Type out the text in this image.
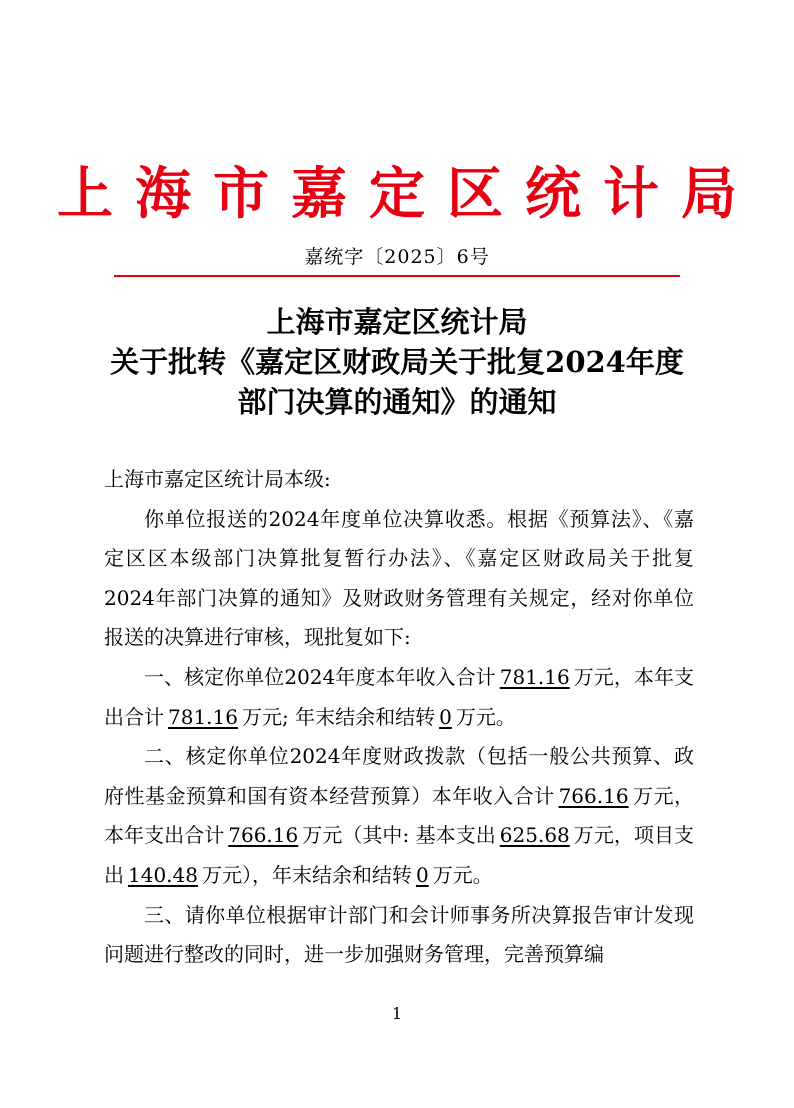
上海市嘉定区统计局
嘉统字〔2025〕6号
上海市嘉定区统计局
关于批转《嘉定区财政局关于批复2024年度
部门决算的通知》的通知

上海市嘉定区统计局本级:

你单位报送的2024年度单位决算收悉。根据《预算法》、《嘉定区区本级部门决算批复暂行办法》、《嘉定区财政局关于批复2024年部门决算的通知》及财政财务管理有关规定，经对你单位报送的决算进行审核，现批复如下:

一、核定你单位2024年度本年收入合计 781.16 万元，本年支出合计 781.16 万元; 年末结余和结转 0 万元。

二、核定你单位2024年度财政拨款（包括一般公共预算、政府性基金预算和国有资本经营预算）本年收入合计 766.16 万元，本年支出合计 766.16 万元（其中: 基本支出 625.68 万元，项目支出 140.48 万元），年末结余和结转 0 万元。

三、请你单位根据审计部门和会计师事务所决算报告审计发现问题进行整改的同时，进一步加强财务管理，完善预算编

1
